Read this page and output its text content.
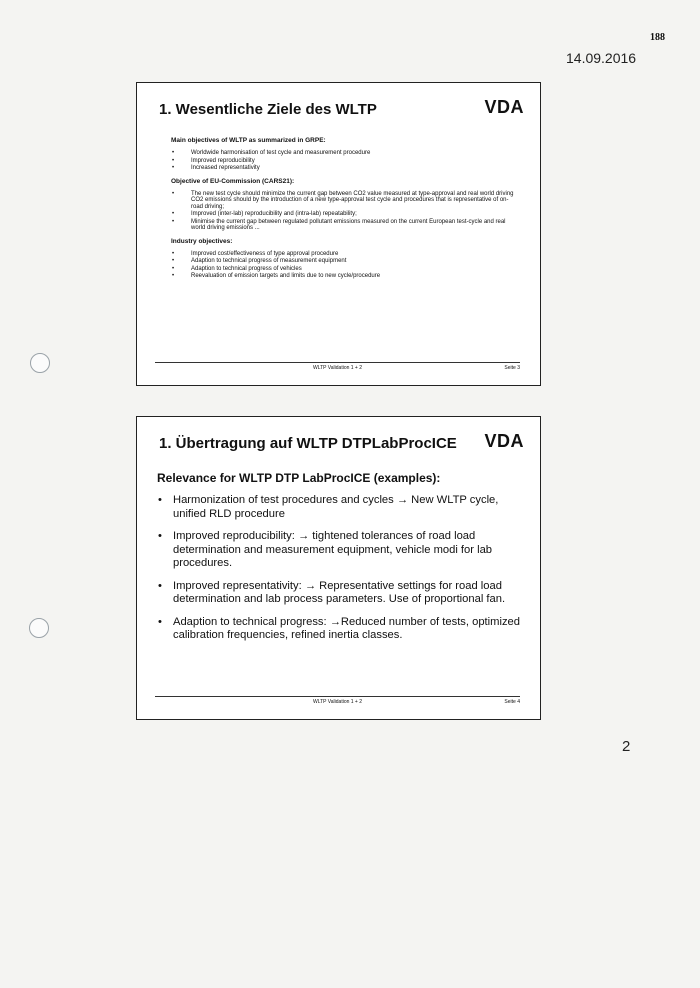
188
14.09.2016
1. Wesentliche Ziele des WLTP	VDA
Main objectives of WLTP as summarized in GRPE:
•	Worldwide harmonisation of test cycle and measurement procedure
•	Improved reproducibility
•	Increased representativity
Objective of EU-Commission (CARS21):
•	The new test cycle should minimize the current gap between CO2 value measured at type-approval and real world driving CO2 emissions should by the introduction of a new type-approval test cycle and procedures that is representative of on-road driving;
•	Improved (inter-lab) reproducibility and (intra-lab) repeatability;
•	Minimise the current gap between regulated pollutant emissions measured on the current European test-cycle and real world driving emissions ...
Industry objectives:
•	Improved cost/effectiveness of type approval procedure
•	Adaption to technical progress of measurement equipment
•	Adaption to technical progress of vehicles
•	Reevaluation of emission targets and limits due to new cycle/procedure
WLTP Validation 1 + 2	Seite 3
1. Übertragung auf WLTP DTPLabProcICE VDA
Relevance for WLTP DTP LabProcICE (examples):
• Harmonization of test procedures and cycles → New WLTP cycle, unified RLD procedure
• Improved reproducibility: → tightened tolerances of road load determination and measurement equipment, vehicle modi for lab procedures.
• Improved representativity: → Representative settings for road load determination and lab process parameters. Use of proportional fan.
• Adaption to technical progress: →Reduced number of tests, optimized calibration frequencies, refined inertia classes.
WLTP Validation 1 + 2	Seite 4
2
